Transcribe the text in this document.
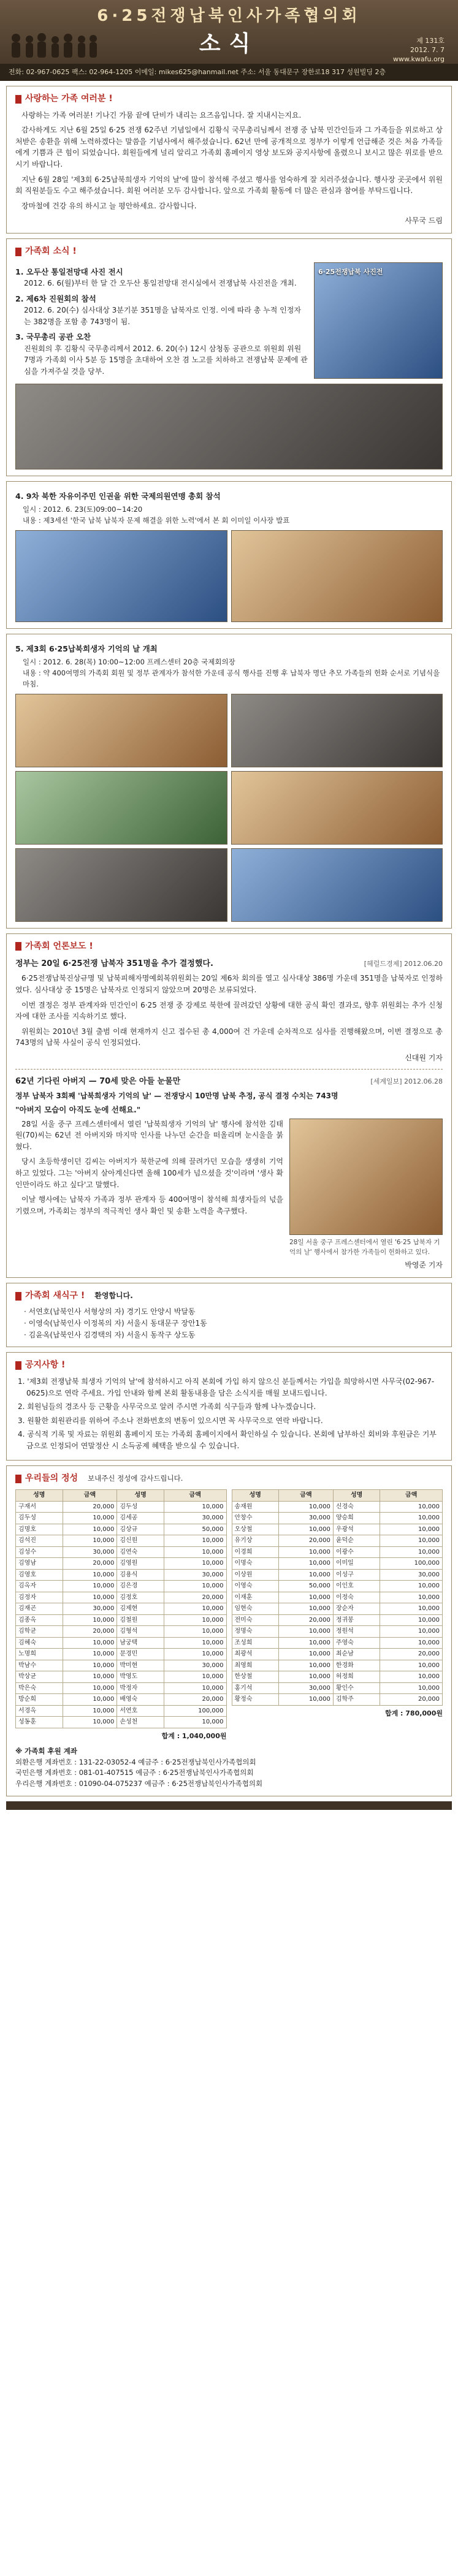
6·25전쟁납북인사가족협의회
소식	제 131호
2012. 7. 7
www.kwafu.org
전화: 02-967-0625 팩스: 02-964-1205 이메일: mikes625@hanmail.net 주소: 서울 동대문구 장한로18 317 성원빌딩 2층
사랑하는 가족 여러분 !

사랑하는 가족 여러분! 기나긴 가뭄 끝에 단비가 내리는 요즈음입니다. 잘 지내시는지요.

감사하게도 지난 6월 25일 6·25 전쟁 62주년 기념일에서 김황식 국무총리님께서 전쟁 중 납북 민간인들과 그 가족들을 위로하고 상처받은 송환을 위해 노력하겠다는 말씀을 기념사에서 해주셨습니다. 62년 만에 공개적으로 정부가 이렇게 언급해준 것은 처음 가족들에게 기쁨과 큰 힘이 되었습니다. 회원들에게 널리 알리고 가족회 홈페이지 영상 보도와 공지사항에 올렸으니 보시고 많은 위로를 받으시기 바랍니다.

지난 6월 28일 '제3회 6·25납북희생자 기억의 날'에 많이 참석해 주셨고 행사를 엄숙하게 잘 치러주셨습니다. 행사장 곳곳에서 위원회 직원분들도 수고 해주셨습니다. 회원 여러분 모두 감사합니다. 앞으로 가족회 활동에 더 많은 관심과 참여를 부탁드립니다.

장마철에 건강 유의 하시고 늘 평안하세요. 감사합니다.

사무국 드림
가족회 소식 !
1. 오두산 통일전망대 사진 전시
2012. 6. 6(월)부터 한 달 간 오두산 통일전망대 전시실에서 전쟁납북 사진전을 개최.
2. 제6차 진원회의 참석
2012. 6. 20(수) 심사대상 3분기분 351명을 납북자로 인정. 이에 따라 총 누적 인정자는 382명을 포함 총 743명이 됨.
3. 국무총리 공관 오찬
진원회의 후 김황식 국무총리께서 2012. 6. 20(수) 12시 삼청동 공관으로 위원회 위원 7명과 가족회 이사 5분 등 15명을 초대하여 오찬 겸 노고를 치하하고 전쟁납북 문제에 관심을 가져주실 것을 당부.
6·25전쟁납북 사진전
4. 9차 북한 자유이주민 인권을 위한 국제의원연맹 총회 참석
일시 : 2012. 6. 23(토)09:00~14:20
내용 : 제3세션 '한국 납북 납북자 문제 해결을 위한 노력'에서 본 회 이미일 이사장 발표
5. 제3회 6·25납북희생자 기억의 날 개최
일시 : 2012. 6. 28(목) 10:00~12:00 프레스센터 20층 국제회의장
내용 : 약 400여명의 가족회 회원 및 정부 관계자가 참석한 가운데 공식 행사를 진행 후 납북자 명단 추모 가족들의 헌화 순서로 기념식을 마침.
가족회 언론보도 !
정부는 20일 6·25전쟁 납북자 351명을 추가 결정했다.	[헤럴드경제] 2012.06.20

6·25전쟁납북진상규명 및 납북피해자명예회복위원회는 20일 제6차 회의를 열고 심사대상 386명 가운데 351명을 납북자로 인정하였다. 심사대상 중 15명은 납북자로 인정되지 않았으며 20명은 보류되었다.

이번 결정은 정부 관계자와 민간인이 6·25 전쟁 중 강제로 북한에 끌려갔던 상황에 대한 공식 확인 결과로, 향후 위원회는 추가 신청자에 대한 조사를 지속하기로 했다.

위원회는 2010년 3월 출범 이래 현재까지 신고 접수된 총 4,000여 건 가운데 순차적으로 심사를 진행해왔으며, 이번 결정으로 총 743명의 납북 사실이 공식 인정되었다.

신대원 기자
62년 기다린 아버지 — 70세 맞은 아들 눈물만	[세계일보] 2012.06.28
정부 납북자 3회째 '납북희생자 기억의 날' — 전쟁당시 10만명 납북 추정, 공식 결정 수치는 743명
"아버지 모습이 아직도 눈에 선해요."

28일 서울 중구 프레스센터에서 열린 '납북희생자 기억의 날' 행사에 참석한 김태원(70)씨는 62년 전 아버지와 마지막 인사를 나누던 순간을 떠올리며 눈시울을 붉혔다.

당시 초등학생이던 김씨는 아버지가 북한군에 의해 끌려가던 모습을 생생히 기억하고 있었다. 그는 '아버지 살아계신다면 올해 100세가 넘으셨을 것'이라며 '생사 확인만이라도 하고 싶다'고 말했다.

이날 행사에는 납북자 가족과 정부 관계자 등 400여명이 참석해 희생자들의 넋을 기렸으며, 가족회는 정부의 적극적인 생사 확인 및 송환 노력을 촉구했다.

28일 서울 중구 프레스센터에서 열린 '6·25 납북자 기억의 날' 행사에서 참가한 가족들이 헌화하고 있다.
박영준 기자
가족회 새식구 ! 환영합니다.
· 서연호(납북인사 서형상의 자) 경기도 안양시 박달동
· 이영숙(납북인사 이정복의 자) 서울시 동대문구 장안1동
· 김윤옥(납북인사 김경택의 자) 서울시 동작구 상도동
공지사항 !
1. '제3회 전쟁납북 희생자 기억의 날'에 참석하시고 아직 본회에 가입 하지 않으신 분들께서는 가입을 희망하시면 사무국(02-967-0625)으로 연락 주세요. 가입 안내와 함께 본회 활동내용을 담은 소식지를 매월 보내드립니다.
2. 회원님들의 경조사 등 근황을 사무국으로 알려 주시면 가족회 식구들과 함께 나누겠습니다.
3. 원활한 회원관리를 위하여 주소나 전화번호의 변동이 있으시면 꼭 사무국으로 연락 바랍니다.
4. 공식적 기록 및 자료는 위원회 홈페이지 또는 가족회 홈페이지에서 확인하실 수 있습니다. 본회에 납부하신 회비와 후원금은 기부금으로 인정되어 연말정산 시 소득공제 혜택을 받으실 수 있습니다.
우리들의 정성 보내주신 정성에 감사드립니다.
성명	금액	성명	금액
구재서	20,000	김두성	10,000
김두성	10,000	김세공	30,000
김명호	10,000	김상규	50,000
김석진	10,000	김신원	10,000
김성수	30,000	김연숙	10,000
김영남	20,000	김영원	10,000
김영호	10,000	김용식	30,000
김옥자	10,000	김은경	10,000
김정자	10,000	김정호	20,000
김재곤	30,000	김제현	10,000
김종옥	10,000	김철원	10,000
김학균	20,000	김형석	10,000
김혜숙	10,000	남궁택	10,000
노명희	10,000	문경민	10,000
박남수	10,000	박미현	30,000
박상균	10,000	박영도	10,000
박은숙	10,000	박정자	10,000
방순희	10,000	배영숙	20,000
서경옥	10,000	서연호	100,000
성동훈	10,000	손성천	10,000
합계 : 1,040,000원
성명	금액	성명	금액
송재원	10,000	신경숙	10,000
안창수	30,000	양승희	10,000
오상철	10,000	우광석	10,000
유기상	20,000	윤덕순	10,000
이경희	10,000	이광수	10,000
이명숙	10,000	이미일	100,000
이상원	10,000	이성구	30,000
이영숙	50,000	이인호	10,000
이재훈	10,000	이정숙	10,000
임현숙	10,000	장순자	10,000
전미숙	20,000	정귀봉	10,000
정명숙	10,000	정원석	10,000
조성희	10,000	주영숙	10,000
최광석	10,000	최순남	20,000
최영희	10,000	한경화	10,000
한상철	10,000	허정희	10,000
홍기석	30,000	황인수	10,000
황정숙	10,000	김학주	20,000
합계 : 780,000원
※ 가족회 후원 계좌
외환은행 계좌번호 : 131-22-03052-4 예금주 : 6·25전쟁납북인사가족협의회
국민은행 계좌번호 : 081-01-407515 예금주 : 6·25전쟁납북인사가족협의회
우리은행 계좌번호 : 01090-04-075237 예금주 : 6·25전쟁납북인사가족협의회
